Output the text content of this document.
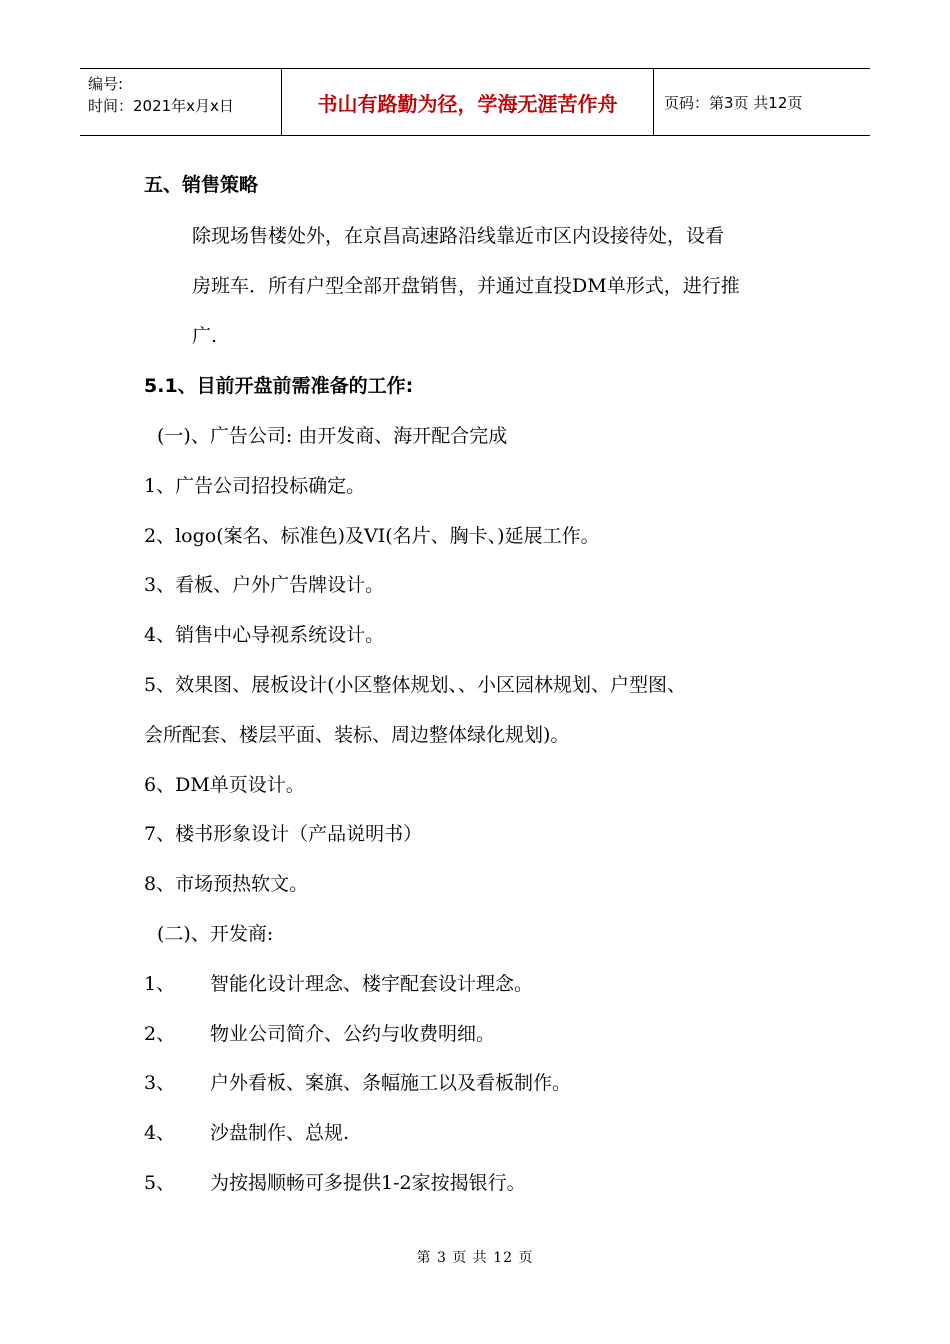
编号:
时间：2021年x月x日	书山有路勤为径，学海无涯苦作舟	页码：第3页 共12页
五、销售策略
除现场售楼处外，在京昌高速路沿线靠近市区内设接待处，设看
房班车．所有户型全部开盘销售，并通过直投DM单形式，进行推
广.
5.1、目前开盘前需准备的工作:
(一)、广告公司: 由开发商、海开配合完成
1、广告公司招投标确定。
2、logo(案名、标准色)及VI(名片、胸卡、)延展工作。
3、看板、户外广告牌设计。
4、销售中心导视系统设计。
5、效果图、展板设计(小区整体规划、、小区园林规划、户型图、
会所配套、楼层平面、装标、周边整体绿化规划)。
6、DM单页设计。
7、楼书形象设计（产品说明书）
8、市场预热软文。
(二)、开发商:
1、 智能化设计理念、楼宇配套设计理念。
2、 物业公司简介、公约与收费明细。
3、 户外看板、案旗、条幅施工以及看板制作。
4、 沙盘制作、总规.
5、 为按揭顺畅可多提供1-2家按揭银行。
第 3 页 共 12 页
